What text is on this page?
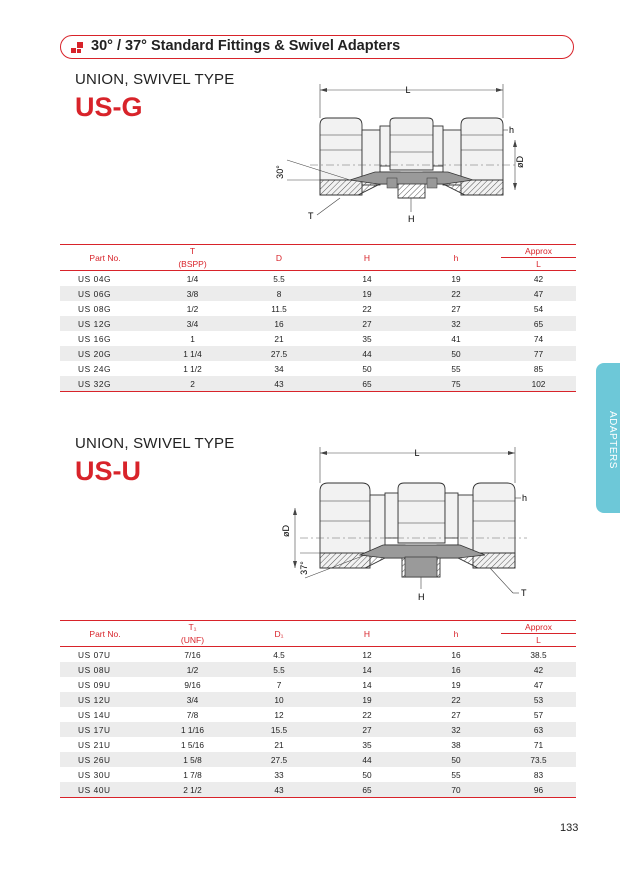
30° / 37° Standard Fittings & Swivel Adapters
UNION, SWIVEL TYPE
US-G
L
øD
h
30°
T	H
Part No.	T	D	H	h	Approx
	(BSPP)				L
US 04G	1/4	5.5	14	19	42
US 06G	3/8	8	19	22	47
US 08G	1/2	11.5	22	27	54
US 12G	3/4	16	27	32	65
US 16G	1	21	35	41	74
US 20G	1 1/4	27.5	44	50	77
US 24G	1 1/2	34	50	55	85
US 32G	2	43	65	75	102
UNION, SWIVEL TYPE
US-U
L
øD
h
37°
T
H
Part No.	T₁	D₁	H	h	Approx
	(UNF)				L
US 07U	7/16	4.5	12	16	38.5
US 08U	1/2	5.5	14	16	42
US 09U	9/16	7	14	19	47
US 12U	3/4	10	19	22	53
US 14U	7/8	12	22	27	57
US 17U	1 1/16	15.5	27	32	63
US 21U	1 5/16	21	35	38	71
US 26U	1 5/8	27.5	44	50	73.5
US 30U	1 7/8	33	50	55	83
US 40U	2 1/2	43	65	70	96
ADAPTERS
133
